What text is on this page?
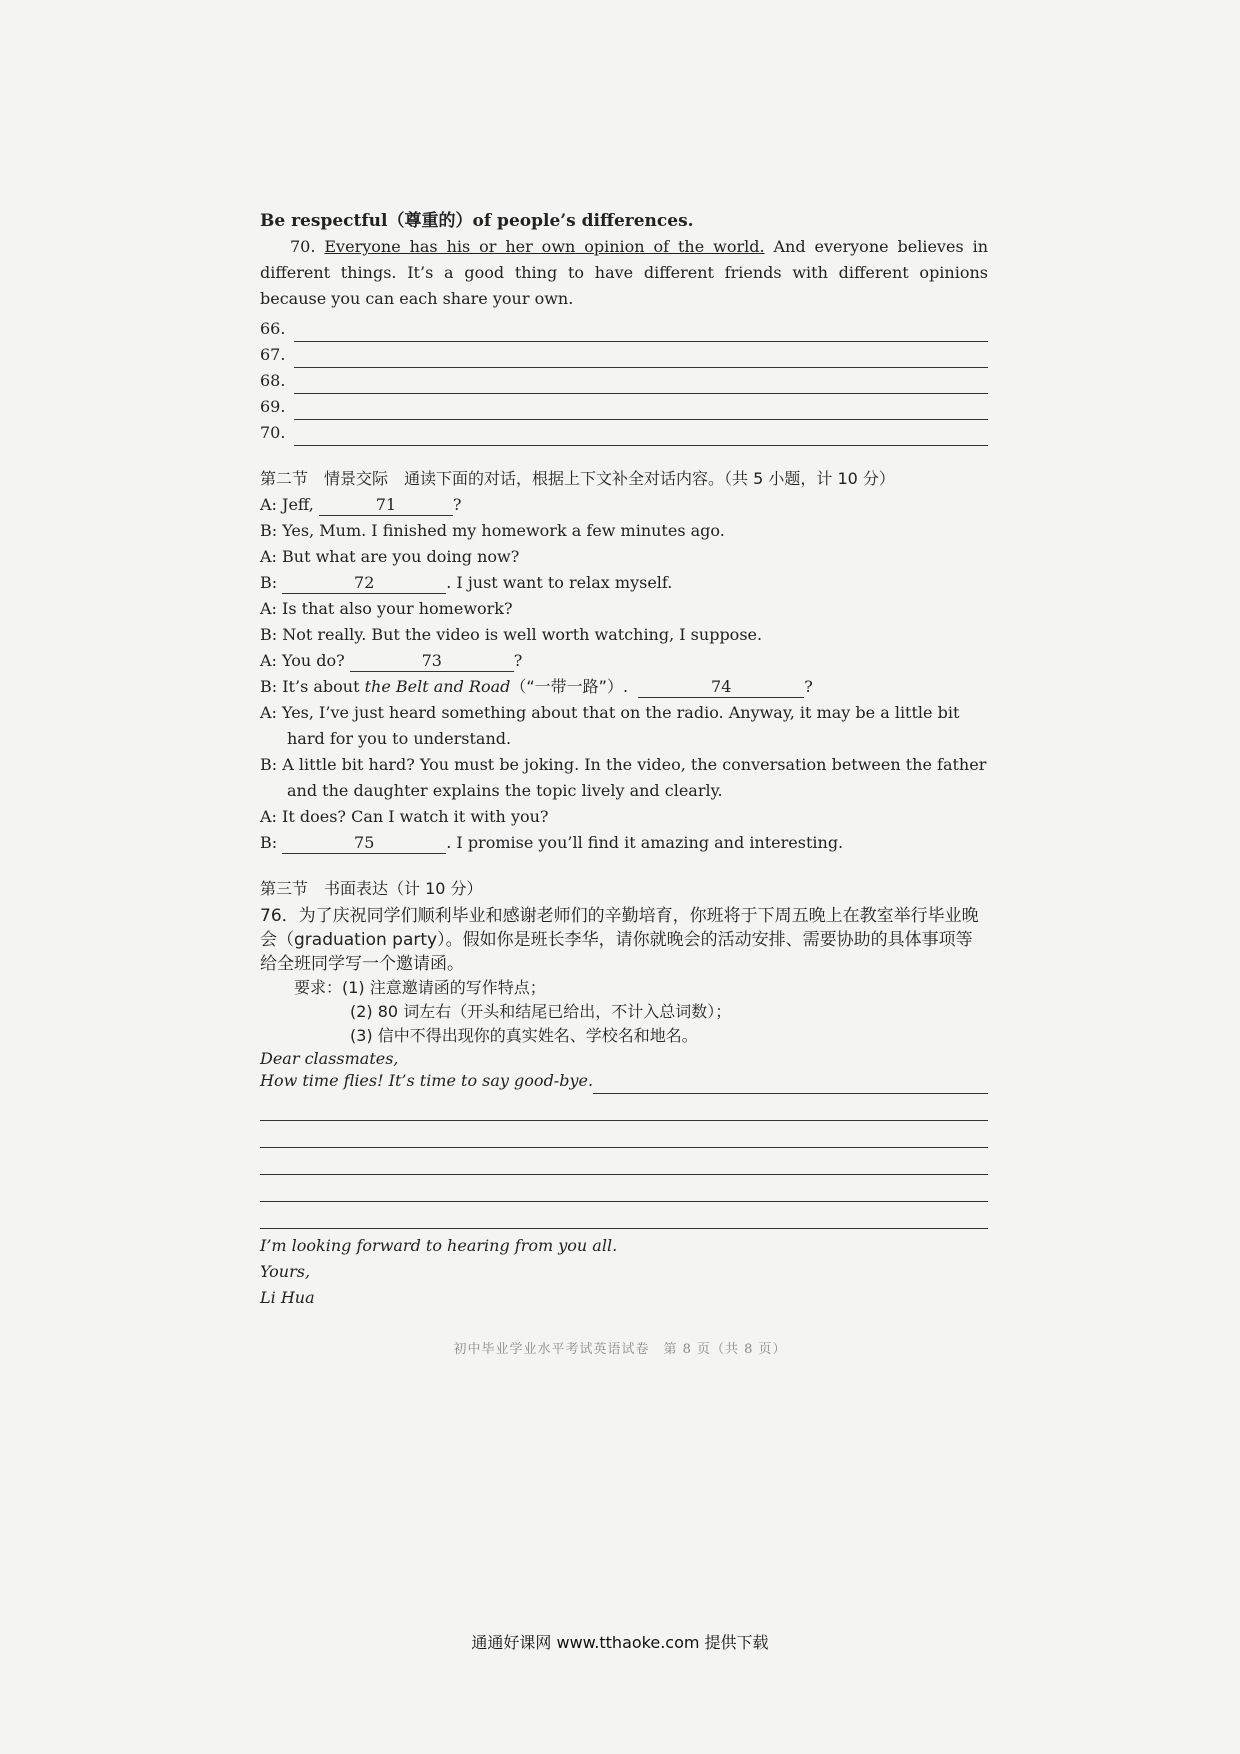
Be respectful（尊重的）of people’s differences.
70. Everyone has his or her own opinion of the world. And everyone believes in different things. It’s a good thing to have different friends with different opinions because you can each share your own.
66.
67.
68.
69.
70.
第二节　情景交际　通读下面的对话，根据上下文补全对话内容。（共 5 小题，计 10 分）
A: Jeff,	71	?
B: Yes, Mum. I finished my homework a few minutes ago.
A: But what are you doing now?
B:	72	. I just want to relax myself.
A: Is that also your homework?
B: Not really. But the video is well worth watching, I suppose.
A: You do?	73	?
B: It’s about the Belt and Road（“一带一路”）.	74	?
A: Yes, I’ve just heard something about that on the radio. Anyway, it may be a little bit hard for you to understand.
B: A little bit hard? You must be joking. In the video, the conversation between the father and the daughter explains the topic lively and clearly.
A: It does? Can I watch it with you?
B:	75	. I promise you’ll find it amazing and interesting.
第三节　书面表达（计 10 分）
76．为了庆祝同学们顺利毕业和感谢老师们的辛勤培育，你班将于下周五晚上在教室举行毕业晚会（graduation party）。假如你是班长李华，请你就晚会的活动安排、需要协助的具体事项等给全班同学写一个邀请函。
要求：(1) 注意邀请函的写作特点；
(2) 80 词左右（开头和结尾已给出，不计入总词数）；
(3) 信中不得出现你的真实姓名、学校名和地名。
Dear classmates,
How time flies! It’s time to say good-bye.
I’m looking forward to hearing from you all.
Yours,
Li Hua
初中毕业学业水平考试英语试卷　第 8 页（共 8 页）
通通好课网 www.tthaoke.com 提供下载
